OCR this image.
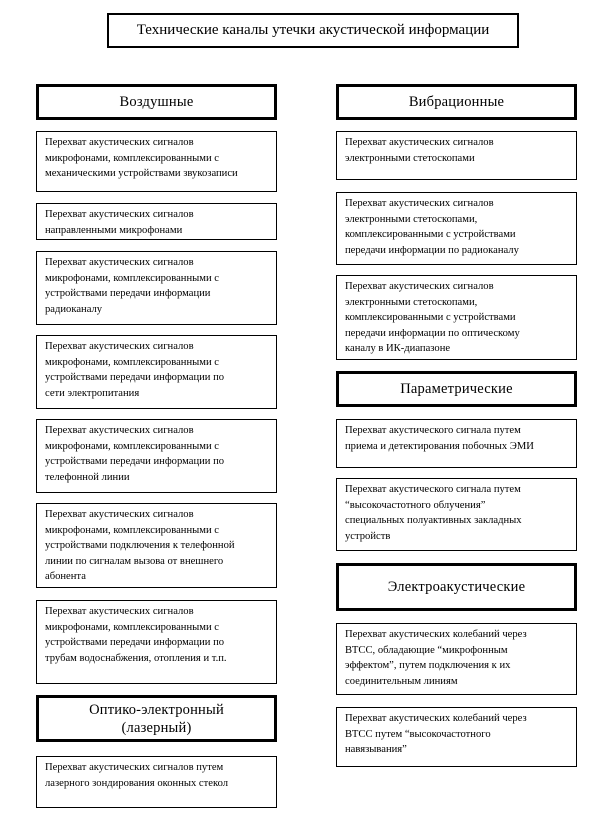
Технические каналы утечки акустической информации
Воздушные
Перехват акустических сигналов
микрофонами, комплексированными с
механическими устройствами звукозаписи
Перехват акустических сигналов
направленными микрофонами
Перехват акустических сигналов
микрофонами, комплексированными с
устройствами передачи информации
радиоканалу
Перехват акустических сигналов
микрофонами, комплексированными с
устройствами передачи информации по
сети электропитания
Перехват акустических сигналов
микрофонами, комплексированными с
устройствами передачи информации по
телефонной линии
Перехват акустических сигналов
микрофонами, комплексированными с
устройствами подключения к телефонной
линии по сигналам вызова от внешнего
абонента
Перехват акустических сигналов
микрофонами, комплексированными с
устройствами передачи информации по
трубам водоснабжения, отопления и т.п.
Оптико-электронный
(лазерный)
Перехват акустических сигналов путем
лазерного зондирования оконных стекол
Вибрационные
Перехват акустических сигналов
электронными стетоскопами
Перехват акустических сигналов
электронными стетоскопами,
комплексированными с устройствами
передачи информации по радиоканалу
Перехват акустических сигналов
электронными стетоскопами,
комплексированными с устройствами
передачи информации по оптическому
каналу в ИК-диапазоне
Параметрические
Перехват акустического сигнала путем
приема и детектирования побочных ЭМИ
Перехват акустического сигнала путем
“высокочастотного облучения”
специальных полуактивных закладных
устройств
Электроакустические
Перехват акустических колебаний через
ВТСС, обладающие “микрофонным
эффектом”, путем подключения к их
соединительным линиям
Перехват акустических колебаний через
ВТСС путем “высокочастотного
навязывания”
